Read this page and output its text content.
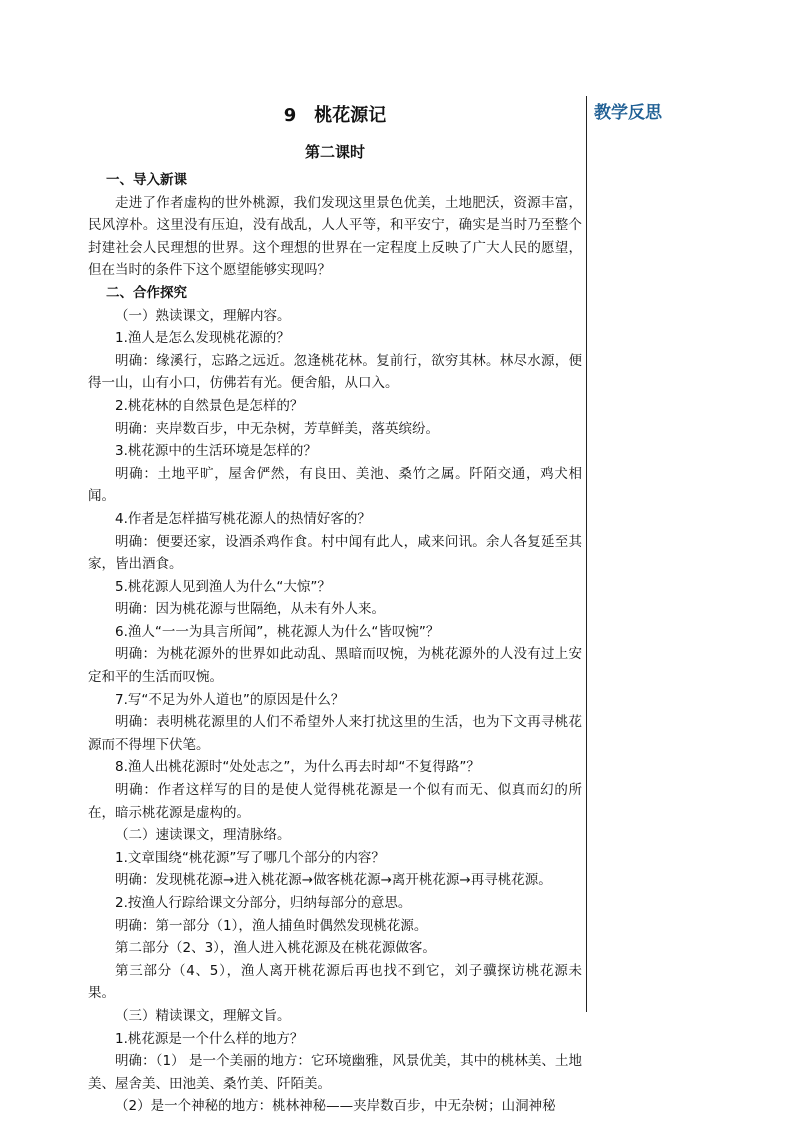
9 桃花源记
第二课时
一、导入新课

走进了作者虚构的世外桃源，我们发现这里景色优美，土地肥沃，资源丰富，民风淳朴。这里没有压迫，没有战乱，人人平等，和平安宁，确实是当时乃至整个封建社会人民理想的世界。这个理想的世界在一定程度上反映了广大人民的愿望，但在当时的条件下这个愿望能够实现吗？

二、合作探究

（一）熟读课文，理解内容。

1.渔人是怎么发现桃花源的？

明确：缘溪行，忘路之远近。忽逢桃花林。复前行，欲穷其林。林尽水源，便得一山，山有小口，仿佛若有光。便舍船，从口入。

2.桃花林的自然景色是怎样的？

明确：夹岸数百步，中无杂树，芳草鲜美，落英缤纷。

3.桃花源中的生活环境是怎样的？

明确：土地平旷，屋舍俨然，有良田、美池、桑竹之属。阡陌交通，鸡犬相闻。

4.作者是怎样描写桃花源人的热情好客的？

明确：便要还家，设酒杀鸡作食。村中闻有此人，咸来问讯。余人各复延至其家，皆出酒食。

5.桃花源人见到渔人为什么“大惊”？

明确：因为桃花源与世隔绝，从未有外人来。

6.渔人“一一为具言所闻”，桃花源人为什么“皆叹惋”？

明确：为桃花源外的世界如此动乱、黑暗而叹惋，为桃花源外的人没有过上安定和平的生活而叹惋。

7.写“不足为外人道也”的原因是什么？

明确：表明桃花源里的人们不希望外人来打扰这里的生活，也为下文再寻桃花源而不得埋下伏笔。

8.渔人出桃花源时“处处志之”，为什么再去时却“不复得路”？

明确：作者这样写的目的是使人觉得桃花源是一个似有而无、似真而幻的所在，暗示桃花源是虚构的。

（二）速读课文，理清脉络。

1.文章围绕“桃花源”写了哪几个部分的内容？

明确：发现桃花源→进入桃花源→做客桃花源→离开桃花源→再寻桃花源。

2.按渔人行踪给课文分部分，归纳每部分的意思。

明确：第一部分（1），渔人捕鱼时偶然发现桃花源。

第二部分（2、3），渔人进入桃花源及在桃花源做客。

第三部分（4、5），渔人离开桃花源后再也找不到它，刘子骥探访桃花源未果。

（三）精读课文，理解文旨。

1.桃花源是一个什么样的地方？

明确：（1） 是一个美丽的地方：它环境幽雅，风景优美，其中的桃林美、土地美、屋舍美、田池美、桑竹美、阡陌美。

（2）是一个神秘的地方：桃林神秘——夹岸数百步，中无杂树；山洞神秘

教学反思
